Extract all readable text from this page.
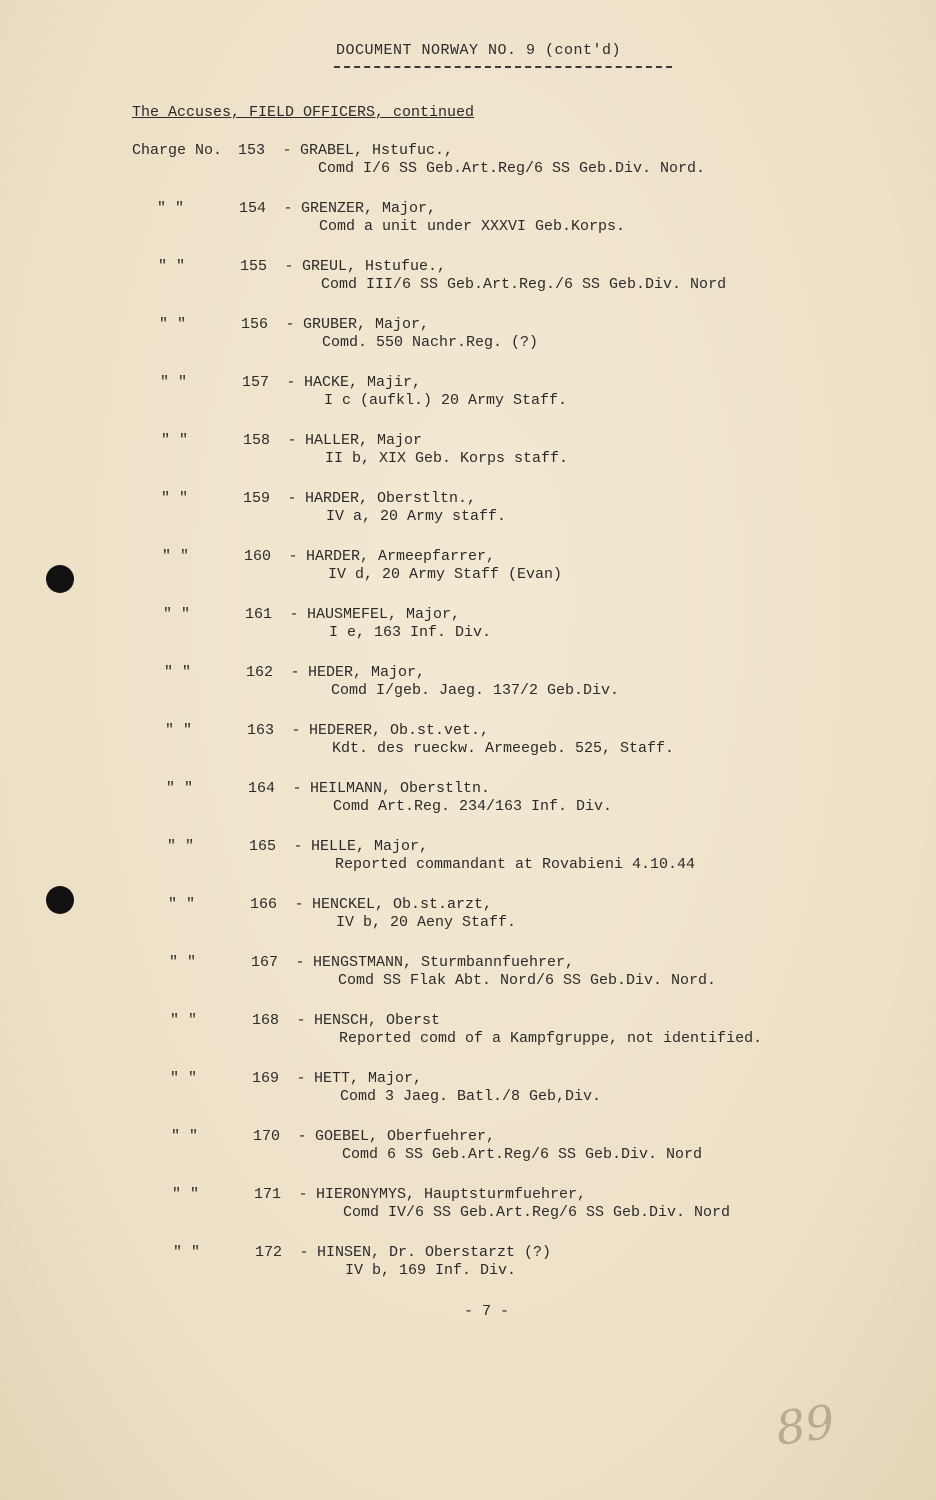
DOCUMENT NORWAY NO. 9 (cont'd)
The Accuses, FIELD OFFICERS, continued
Charge No. 153 - GRABEL, Hstufuc.,
Comd I/6 SS Geb.Art.Reg/6 SS Geb.Div. Nord.
" "	154 - GRENZER, Major,
Comd a unit under XXXVI Geb.Korps.
" "	155 - GREUL, Hstufue.,
Comd III/6 SS Geb.Art.Reg./6 SS Geb.Div. Nord
" "	156 - GRUBER, Major,
Comd. 550 Nachr.Reg. (?)
" "	157 - HACKE, Majir,
I c (aufkl.) 20 Army Staff.
" "	158 - HALLER, Major
II b, XIX Geb. Korps staff.
" "	159 - HARDER, Oberstltn.,
IV a, 20 Army staff.
" "	160 - HARDER, Armeepfarrer,
IV d, 20 Army Staff (Evan)
" "	161 - HAUSMEFEL, Major,
I e, 163 Inf. Div.
" "	162 - HEDER, Major,
Comd I/geb. Jaeg. 137/2 Geb.Div.
" "	163 - HEDERER, Ob.st.vet.,
Kdt. des rueckw. Armeegeb. 525, Staff.
" "	164 - HEILMANN, Oberstltn.
Comd Art.Reg. 234/163 Inf. Div.
" "	165 - HELLE, Major,
Reported commandant at Rovabieni 4.10.44
" "	166 - HENCKEL, Ob.st.arzt,
IV b, 20 Aeny Staff.
" "	167 - HENGSTMANN, Sturmbannfuehrer,
Comd SS Flak Abt. Nord/6 SS Geb.Div. Nord.
" "	168 - HENSCH, Oberst
Reported comd of a Kampfgruppe, not identified.
" "	169 - HETT, Major,
Comd 3 Jaeg. Batl./8 Geb,Div.
" "	170 - GOEBEL, Oberfuehrer,
Comd 6 SS Geb.Art.Reg/6 SS Geb.Div. Nord
" "	171 - HIERONYMYS, Hauptsturmfuehrer,
Comd IV/6 SS Geb.Art.Reg/6 SS Geb.Div. Nord
" "	172 - HINSEN, Dr. Oberstarzt (?)
IV b, 169 Inf. Div.
- 7 -
89
